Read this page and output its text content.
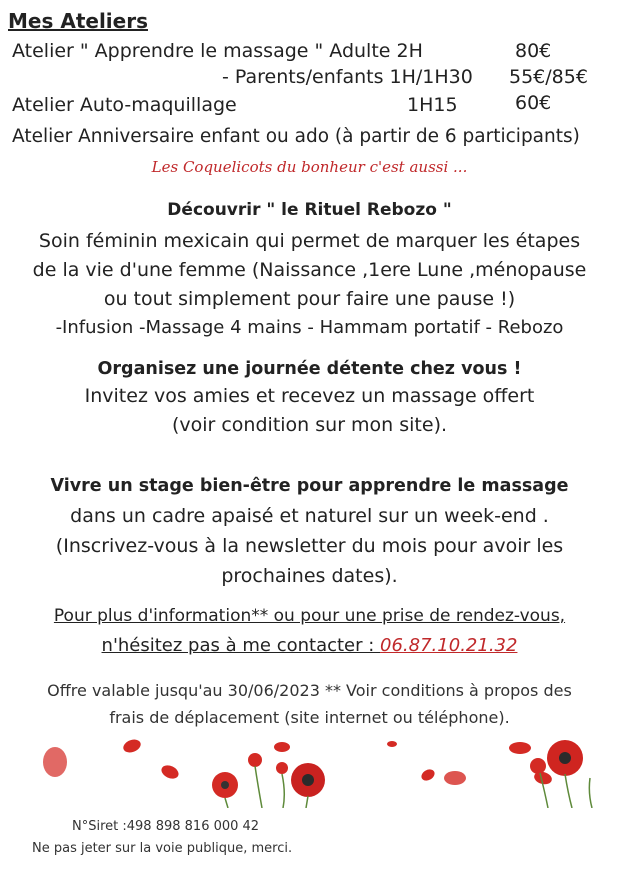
Mes Ateliers
Atelier " Apprendre le massage " Adulte 2H	80€
- Parents/enfants 1H/1H30 55€/85€
Atelier Auto-maquillage	1H15	60€
Atelier Anniversaire enfant ou ado (à partir de 6 participants)
Les Coquelicots du bonheur c'est aussi ...
Découvrir " le Rituel Rebozo "
Soin féminin mexicain qui permet de marquer les étapes
de la vie d'une femme (Naissance ,1ere Lune ,ménopause
ou tout simplement pour faire une pause !)
-Infusion -Massage 4 mains - Hammam portatif - Rebozo
Organisez une journée détente chez vous !
Invitez vos amies et recevez un massage offert
(voir condition sur mon site).
Vivre un stage bien-être pour apprendre le massage
dans un cadre apaisé et naturel sur un week-end .
(Inscrivez-vous à la newsletter du mois pour avoir les
prochaines dates).
Pour plus d'information** ou pour une prise de rendez-vous,
n'hésitez pas à me contacter : 06.87.10.21.32
Offre valable jusqu'au 30/06/2023 ** Voir conditions à propos des
frais de déplacement (site internet ou téléphone).
N°Siret :498 898 816 000 42
Ne pas jeter sur la voie publique, merci.
